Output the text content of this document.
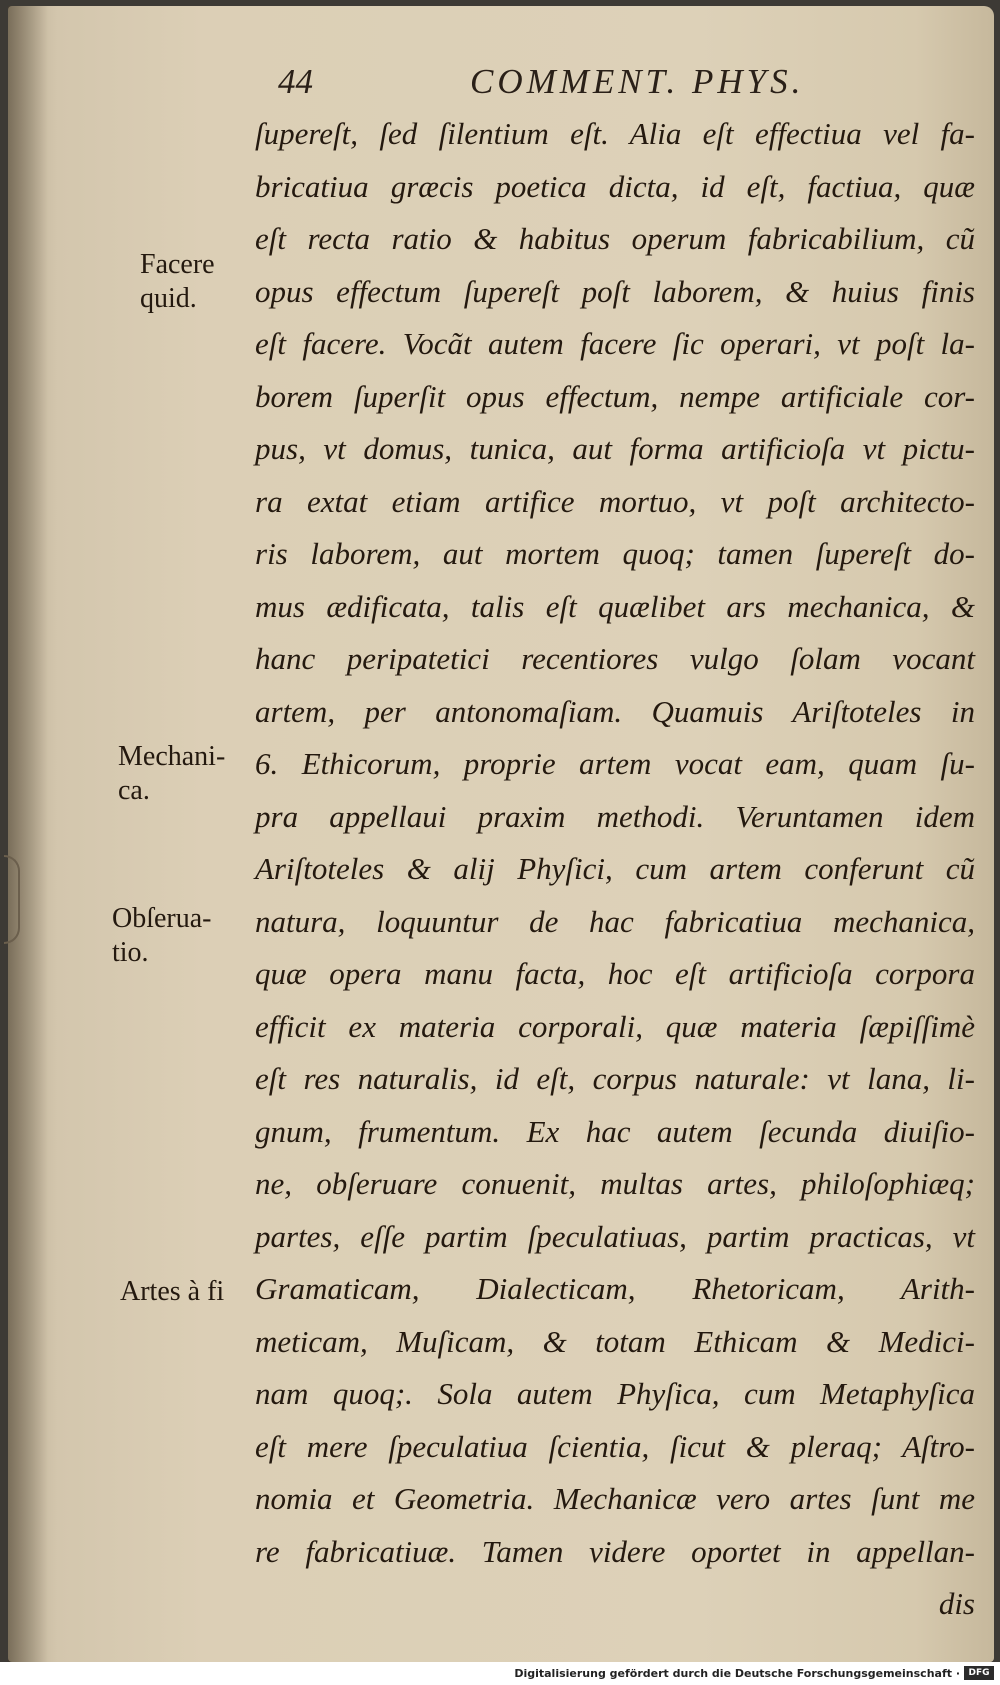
44	COMMENT. PHYS.
Facere
quid.
Mechani-
ca.
Obſerua-
tio.
Artes à fi
ſupereſt, ſed ſilentium eſt. Alia eſt effectiua vel fa-
bricatiua græcis poetica dicta, id eſt, factiua, quæ
eſt recta ratio & habitus operum fabricabilium, cũ
opus effectum ſupereſt poſt laborem, & huius finis
eſt facere. Vocãt autem facere ſic operari, vt poſt la-
borem ſuperſit opus effectum, nempe artificiale cor-
pus, vt domus, tunica, aut forma artificioſa vt pictu-
ra extat etiam artifice mortuo, vt poſt architecto-
ris laborem, aut mortem quoq; tamen ſupereſt do-
mus ædificata, talis eſt quælibet ars mechanica, &
hanc peripatetici recentiores vulgo ſolam vocant
artem, per antonomaſiam. Quamuis Ariſtoteles in
6. Ethicorum, proprie artem vocat eam, quam ſu-
pra appellaui praxim methodi. Veruntamen idem
Ariſtoteles & alij Phyſici, cum artem conferunt cũ
natura, loquuntur de hac fabricatiua mechanica,
quæ opera manu facta, hoc eſt artificioſa corpora
efficit ex materia corporali, quæ materia ſæpiſſimè
eſt res naturalis, id eſt, corpus naturale: vt lana, li-
gnum, frumentum. Ex hac autem ſecunda diuiſio-
ne, obſeruare conuenit, multas artes, philoſophiæq;
partes, eſſe partim ſpeculatiuas, partim practicas, vt
Gramaticam, Dialecticam, Rhetoricam, Arith-
meticam, Muſicam, & totam Ethicam & Medici-
nam quoq;. Sola autem Phyſica, cum Metaphyſica
eſt mere ſpeculatiua ſcientia, ſicut & pleraq; Aſtro-
nomia et Geometria. Mechanicæ vero artes ſunt me
re fabricatiuæ. Tamen videre oportet in appellan-
dis
Digitalisierung gefördert durch die Deutsche Forschungsgemeinschaft · DFG
